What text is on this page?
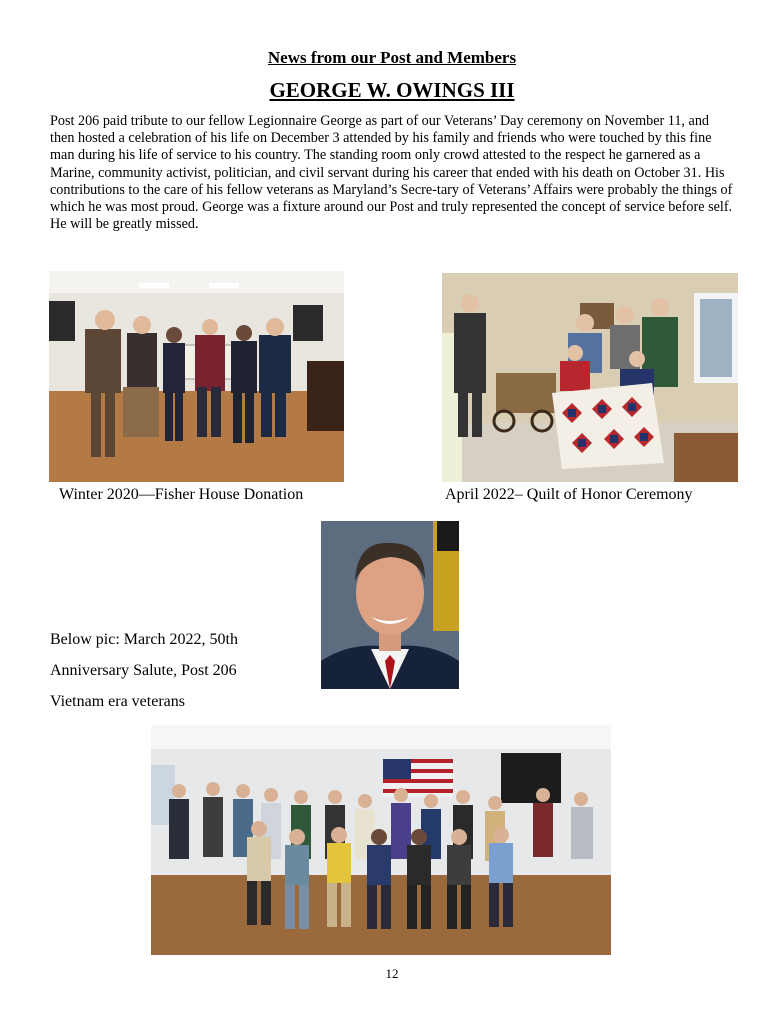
News from our Post and Members
GEORGE W. OWINGS III
Post 206 paid tribute to our fellow Legionnaire George as part of our Veterans’ Day ceremony on November 11, and then hosted a celebration of his life on December 3 attended by his family and friends who were touched by this fine man during his life of service to his country. The standing room only crowd attested to the respect he garnered as a Marine, community activist, politician, and civil servant during his career that ended with his death on October 31. His contributions to the care of his fellow veterans as Maryland’s Secre-tary of Veterans’ Affairs were probably the things of which he was most proud. George was a fixture around our Post and truly represented the concept of service before self. He will be greatly missed.
Winter 2020—Fisher House Donation	April 2022– Quilt of Honor Ceremony
Below pic: March 2022, 50th
Anniversary Salute, Post 206
Vietnam era veterans
12
